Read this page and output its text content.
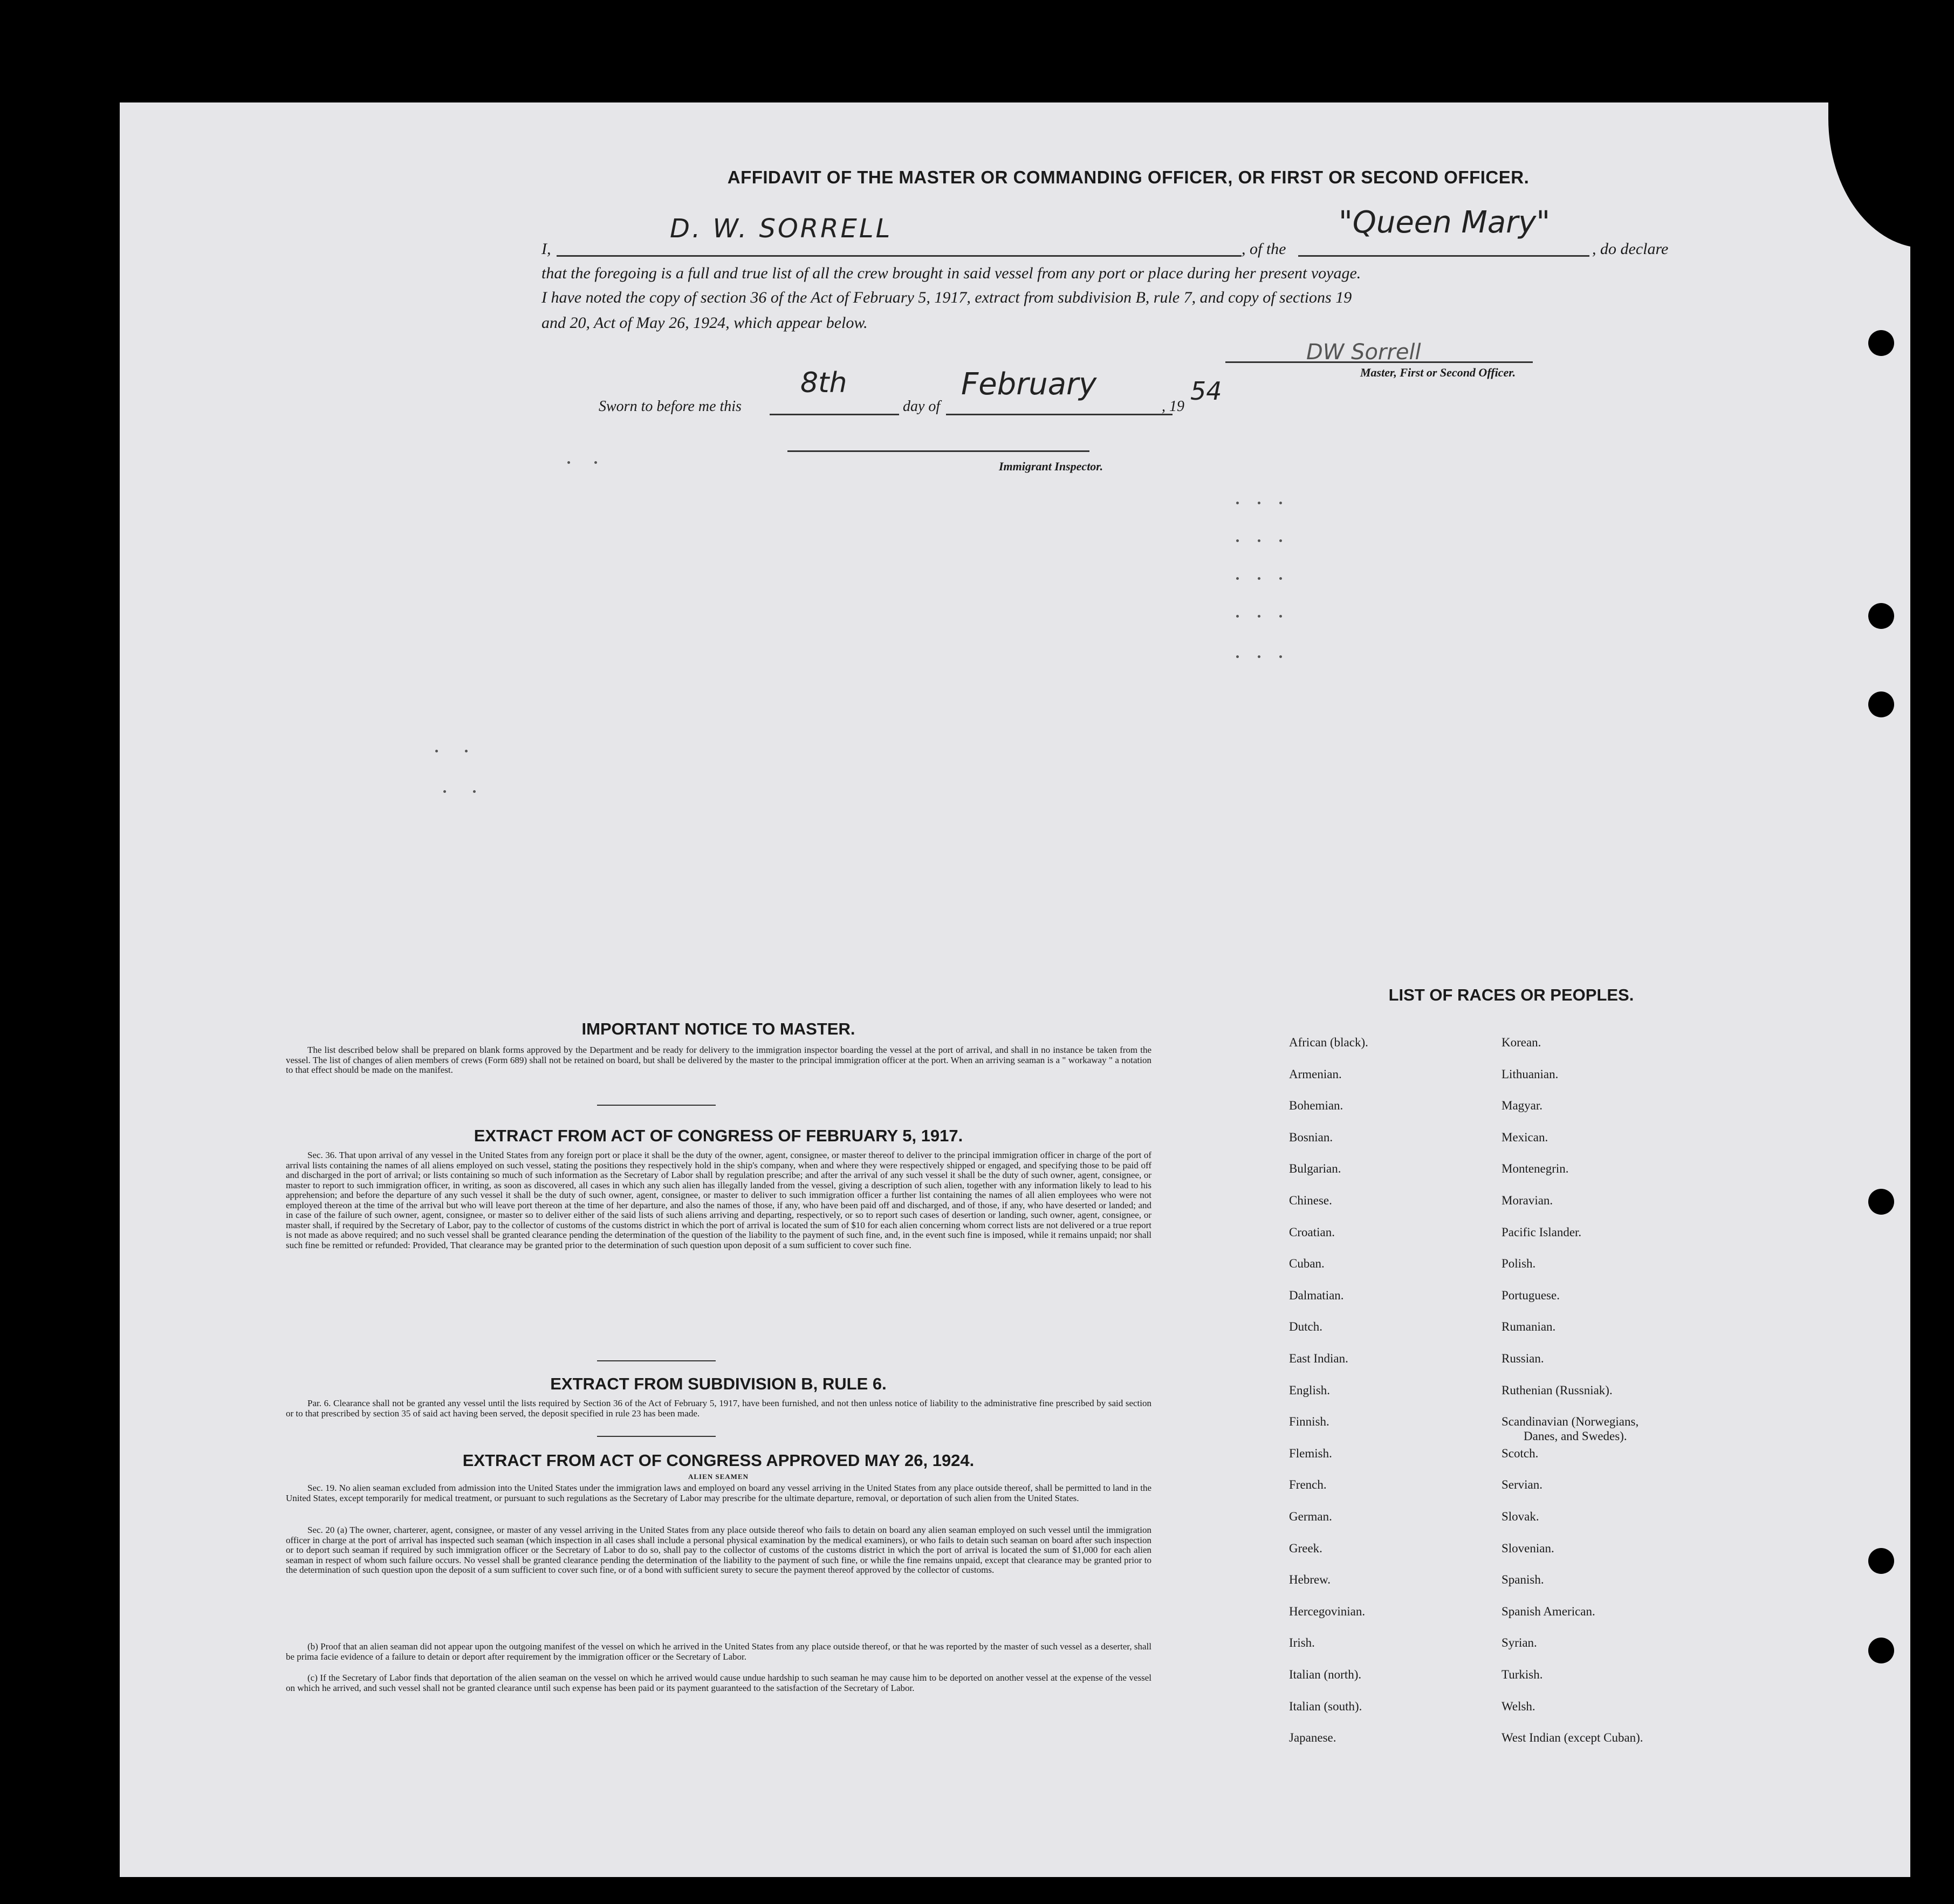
AFFIDAVIT OF THE MASTER OR COMMANDING OFFICER, OR FIRST OR SECOND OFFICER.
I,
D. W. SORRELL
, of the
"Queen Mary"
, do declare
that the foregoing is a full and true list of all the crew brought in said vessel from any port or place during her present voyage.
I have noted the copy of section 36 of the Act of February 5, 1917, extract from subdivision B, rule 7, and copy of sections 19
and 20, Act of May 26, 1924, which appear below.
DW Sorrell
Master, First or Second Officer.
Sworn to before me this
8th
day of
February
, 19
54
Immigrant Inspector.
IMPORTANT NOTICE TO MASTER.
The list described below shall be prepared on blank forms approved by the Department and be ready for delivery to the immigration inspector boarding the vessel at the port of arrival, and shall in no instance be taken from the vessel. The list of changes of alien members of crews (Form 689) shall not be retained on board, but shall be delivered by the master to the principal immigration officer at the port. When an arriving seaman is a " workaway " a notation to that effect should be made on the manifest.
EXTRACT FROM ACT OF CONGRESS OF FEBRUARY 5, 1917.
Sec. 36. That upon arrival of any vessel in the United States from any foreign port or place it shall be the duty of the owner, agent, consignee, or master thereof to deliver to the principal immigration officer in charge of the port of arrival lists containing the names of all aliens employed on such vessel, stating the positions they respectively hold in the ship's company, when and where they were respectively shipped or engaged, and specifying those to be paid off and discharged in the port of arrival; or lists containing so much of such information as the Secretary of Labor shall by regulation prescribe; and after the arrival of any such vessel it shall be the duty of such owner, agent, consignee, or master to report to such immigration officer, in writing, as soon as discovered, all cases in which any such alien has illegally landed from the vessel, giving a description of such alien, together with any information likely to lead to his apprehension; and before the departure of any such vessel it shall be the duty of such owner, agent, consignee, or master to deliver to such immigration officer a further list containing the names of all alien employees who were not employed thereon at the time of the arrival but who will leave port thereon at the time of her departure, and also the names of those, if any, who have been paid off and discharged, and of those, if any, who have deserted or landed; and in case of the failure of such owner, agent, consignee, or master so to deliver either of the said lists of such aliens arriving and departing, respectively, or so to report such cases of desertion or landing, such owner, agent, consignee, or master shall, if required by the Secretary of Labor, pay to the collector of customs of the customs district in which the port of arrival is located the sum of $10 for each alien concerning whom correct lists are not delivered or a true report is not made as above required; and no such vessel shall be granted clearance pending the determination of the question of the liability to the payment of such fine, and, in the event such fine is imposed, while it remains unpaid; nor shall such fine be remitted or refunded: Provided, That clearance may be granted prior to the determination of such question upon deposit of a sum sufficient to cover such fine.
EXTRACT FROM SUBDIVISION B, RULE 6.
Par. 6. Clearance shall not be granted any vessel until the lists required by Section 36 of the Act of February 5, 1917, have been furnished, and not then unless notice of liability to the administrative fine prescribed by said section or to that prescribed by section 35 of said act having been served, the deposit specified in rule 23 has been made.
EXTRACT FROM ACT OF CONGRESS APPROVED MAY 26, 1924.
ALIEN SEAMEN
Sec. 19. No alien seaman excluded from admission into the United States under the immigration laws and employed on board any vessel arriving in the United States from any place outside thereof, shall be permitted to land in the United States, except temporarily for medical treatment, or pursuant to such regulations as the Secretary of Labor may prescribe for the ultimate departure, removal, or deportation of such alien from the United States.
Sec. 20 (a) The owner, charterer, agent, consignee, or master of any vessel arriving in the United States from any place outside thereof who fails to detain on board any alien seaman employed on such vessel until the immigration officer in charge at the port of arrival has inspected such seaman (which inspection in all cases shall include a personal physical examination by the medical examiners), or who fails to detain such seaman on board after such inspection or to deport such seaman if required by such immigration officer or the Secretary of Labor to do so, shall pay to the collector of customs of the customs district in which the port of arrival is located the sum of $1,000 for each alien seaman in respect of whom such failure occurs. No vessel shall be granted clearance pending the determination of the liability to the payment of such fine, or while the fine remains unpaid, except that clearance may be granted prior to the determination of such question upon the deposit of a sum sufficient to cover such fine, or of a bond with sufficient surety to secure the payment thereof approved by the collector of customs.
(b) Proof that an alien seaman did not appear upon the outgoing manifest of the vessel on which he arrived in the United States from any place outside thereof, or that he was reported by the master of such vessel as a deserter, shall be prima facie evidence of a failure to detain or deport after requirement by the immigration officer or the Secretary of Labor.
(c) If the Secretary of Labor finds that deportation of the alien seaman on the vessel on which he arrived would cause undue hardship to such seaman he may cause him to be deported on another vessel at the expense of the vessel on which he arrived, and such vessel shall not be granted clearance until such expense has been paid or its payment guaranteed to the satisfaction of the Secretary of Labor.
LIST OF RACES OR PEOPLES.
African (black).
Armenian.
Bohemian.
Bosnian.
Bulgarian.
Chinese.
Croatian.
Cuban.
Dalmatian.
Dutch.
East Indian.
English.
Finnish.
Flemish.
French.
German.
Greek.
Hebrew.
Hercegovinian.
Irish.
Italian (north).
Italian (south).
Japanese.
Korean.
Lithuanian.
Magyar.
Mexican.
Montenegrin.
Moravian.
Pacific Islander.
Polish.
Portuguese.
Rumanian.
Russian.
Ruthenian (Russniak).
Scandinavian (Norwegians,
Scotch.
Servian.
Slovak.
Slovenian.
Spanish.
Spanish American.
Syrian.
Turkish.
Welsh.
West Indian (except Cuban).
Danes, and Swedes).
